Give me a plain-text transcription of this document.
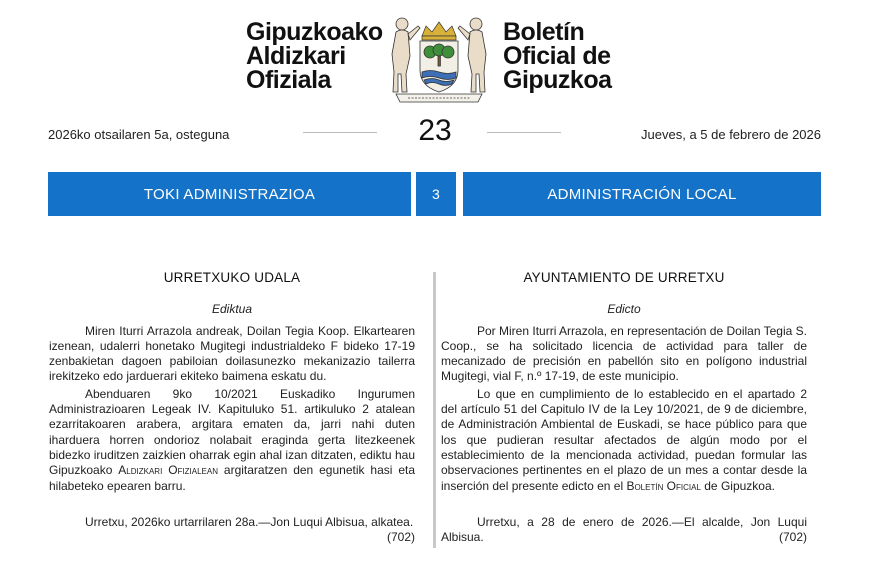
Gipuzkoako
Aldizkari
Ofiziala
Boletín
Oficial de
Gipuzkoa
2026ko otsailaren 5a, osteguna	23	Jueves, a 5 de febrero de 2026
TOKI ADMINISTRAZIOA	3	ADMINISTRACIÓN LOCAL
URRETXUKO UDALA
Ediktua

Miren Iturri Arrazola andreak, Doilan Tegia Koop. Elkartearen izenean, udalerri honetako Mugitegi industrialdeko F bideko 17-19 zenbakietan dagoen pabiloian doilasunezko mekanizazio tailerra irekitzeko edo jarduerari ekiteko baimena eskatu du.

Abenduaren 9ko 10/2021 Euskadiko Ingurumen Administrazioaren Legeak IV. Kapituluko 51. artikuluko 2 atalean ezarritakoaren arabera, argitara ematen da, jarri nahi duten iharduera horren ondorioz nolabait eraginda gerta litezkeenek bidezko iruditzen zaizkien oharrak egin ahal izan ditzaten, ediktu hau Gipuzkoako Aldizkari Ofizialean argitaratzen den egunetik hasi eta hilabeteko epearen barru.

Urretxu, 2026ko urtarrilaren 28a.—Jon Luqui Albisua, alkatea.
(702)
AYUNTAMIENTO DE URRETXU
Edicto

Por Miren Iturri Arrazola, en representación de Doilan Tegia S. Coop., se ha solicitado licencia de actividad para taller de mecanizado de precisión en pabellón sito en polígono industrial Mugitegi, vial F, n.º 17-19, de este municipio.

Lo que en cumplimiento de lo establecido en el apartado 2 del artículo 51 del Capitulo IV de la Ley 10/2021, de 9 de diciembre, de Administración Ambiental de Euskadi, se hace público para que los que pudieran resultar afectados de algún modo por el establecimiento de la mencionada actividad, puedan formular las observaciones pertinentes en el plazo de un mes a contar desde la inserción del presente edicto en el Boletín Oficial de Gipuzkoa.

Urretxu, a 28 de enero de 2026.—El alcalde, Jon Luqui Albisua.	(702)
